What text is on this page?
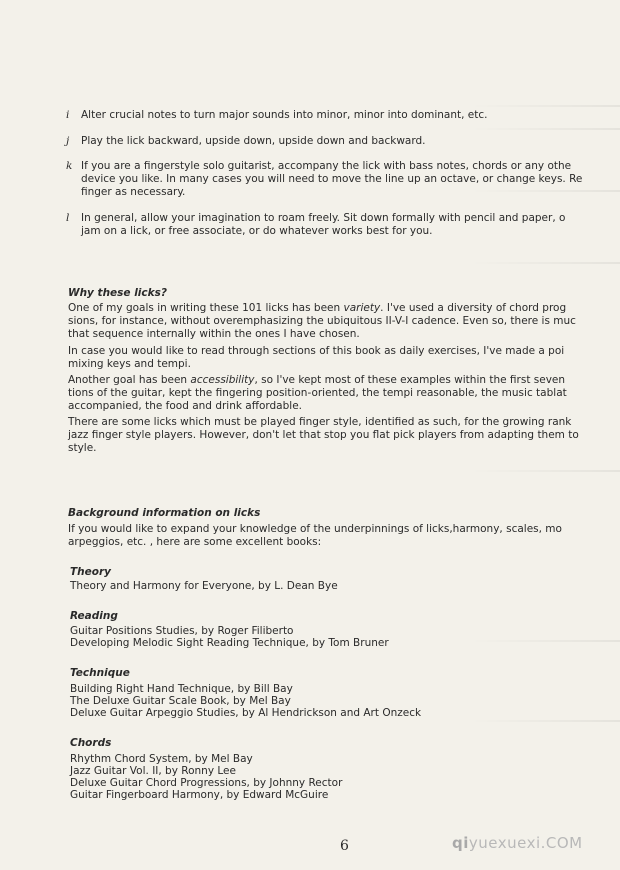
i Alter crucial notes to turn major sounds into minor, minor into dominant, etc.
j Play the lick backward, upside down, upside down and backward.
k If you are a fingerstyle solo guitarist, accompany the lick with bass notes, chords or any othe
device you like. In many cases you will need to move the line up an octave, or change keys. Re
finger as necessary.
l In general, allow your imagination to roam freely. Sit down formally with pencil and paper, o
jam on a lick, or free associate, or do whatever works best for you.
Why these licks?
One of my goals in writing these 101 licks has been variety. I've used a diversity of chord prog
sions, for instance, without overemphasizing the ubiquitous II-V-I cadence. Even so, there is muc
that sequence internally within the ones I have chosen.
In case you would like to read through sections of this book as daily exercises, I've made a poi
mixing keys and tempi.
Another goal has been accessibility, so I've kept most of these examples within the first seven
tions of the guitar, kept the fingering position-oriented, the tempi reasonable, the music tablat
accompanied, the food and drink affordable.
There are some licks which must be played finger style, identified as such, for the growing rank
jazz finger style players. However, don't let that stop you flat pick players from adapting them to
style.
Background information on licks
If you would like to expand your knowledge of the underpinnings of licks,harmony, scales, mo
arpeggios, etc. , here are some excellent books:
Theory
Theory and Harmony for Everyone, by L. Dean Bye
Reading
Guitar Positions Studies, by Roger Filiberto
Developing Melodic Sight Reading Technique, by Tom Bruner
Technique
Building Right Hand Technique, by Bill Bay
The Deluxe Guitar Scale Book, by Mel Bay
Deluxe Guitar Arpeggio Studies, by Al Hendrickson and Art Onzeck
Chords
Rhythm Chord System, by Mel Bay
Jazz Guitar Vol. II, by Ronny Lee
Deluxe Guitar Chord Progressions, by Johnny Rector
Guitar Fingerboard Harmony, by Edward McGuire
6	qiyuexuexi.COM
